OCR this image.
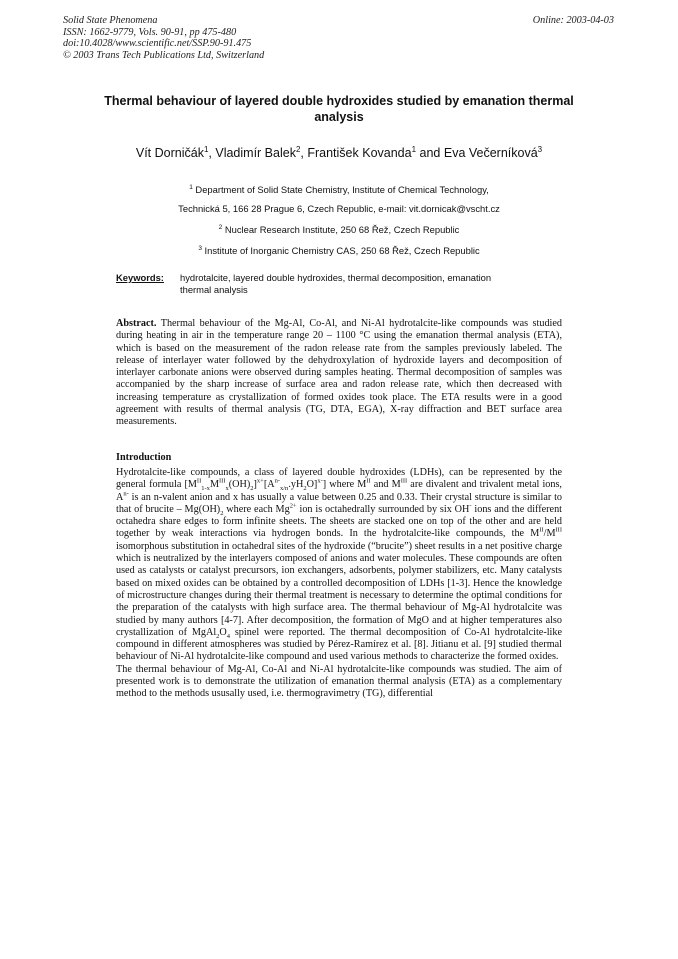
Solid State Phenomena
ISSN: 1662-9779, Vols. 90-91, pp 475-480
doi:10.4028/www.scientific.net/SSP.90-91.475
© 2003 Trans Tech Publications Ltd, Switzerland
Online: 2003-04-03
Thermal behaviour of layered double hydroxides studied by emanation thermal analysis
Vít Dorničák$^1$, Vladimír Balek$^2$, František Kovanda$^1$ and Eva Večerníková$^3$
$^1$ Department of Solid State Chemistry, Institute of Chemical Technology,
Technická 5, 166 28 Prague 6, Czech Republic, e-mail: vit.dornicak@vscht.cz
$^2$ Nuclear Research Institute, 250 68 Řež, Czech Republic
$^3$ Institute of Inorganic Chemistry CAS, 250 68 Řež, Czech Republic
Keywords: hydrotalcite, layered double hydroxides, thermal decomposition, emanation thermal analysis

Abstract. Thermal behaviour of the Mg-Al, Co-Al, and Ni-Al hydrotalcite-like compounds was studied during heating in air in the temperature range 20 – 1100 °C using the emanation thermal analysis (ETA), which is based on the measurement of the radon release rate from the samples previously labeled. The release of interlayer water followed by the dehydroxylation of hydroxide layers and decomposition of interlayer carbonate anions were observed during samples heating. Thermal decomposition of samples was accompanied by the sharp increase of surface area and radon release rate, which then decreased with increasing temperature as crystallization of formed oxides took place. The ETA results were in a good agreement with results of thermal analysis (TG, DTA, EGA), X-ray diffraction and BET surface area measurements.

Introduction

Hydrotalcite-like compounds, a class of layered double hydroxides (LDHs), can be represented by the general formula $[M^{II}_{1-x}M^{III}_x(OH)_2]^{x+}[A^{n-}_{x/n}.yH_2O]^{x-}$] where $M^{II}$ and $M^{III}$ are divalent and trivalent metal ions, $A^{n-}$ is an n-valent anion and x has usually a value between 0.25 and 0.33. Their crystal structure is similar to that of brucite – $Mg(OH)_2$ where each $Mg^{2+}$ ion is octahedrally surrounded by six OH- ions and the different octahedra share edges to form infinite sheets. The sheets are stacked one on top of the other and are held together by weak interactions via hydrogen bonds. In the hydrotalcite-like compounds, the $M^{II}/M^{III}$ isomorphous substitution in octahedral sites of the hydroxide (“brucite”) sheet results in a net positive charge which is neutralized by the interlayers composed of anions and water molecules. These compounds are often used as catalysts or catalyst precursors, ion exchangers, adsorbents, polymer stabilizers, etc. Many catalysts based on mixed oxides can be obtained by a controlled decomposition of LDHs [1-3]. Hence the knowledge of microstructure changes during their thermal treatment is necessary to determine the optimal conditions for the preparation of the catalysts with high surface area. The thermal behaviour of Mg-Al hydrotalcite was studied by many authors [4-7]. After decomposition, the formation of MgO and at higher temperatures also crystallization of $MgAl_2O_4$ spinel were reported. The thermal decomposition of Co-Al hydrotalcite-like compound in different atmospheres was studied by Pérez-Ramírez et al. [8]. Jitianu et al. [9] studied thermal behaviour of Ni-Al hydrotalcite-like compound and used various methods to characterize the formed oxides.

The thermal behaviour of Mg-Al, Co-Al and Ni-Al hydrotalcite-like compounds was studied. The aim of presented work is to demonstrate the utilization of emanation thermal analysis (ETA) as a complementary method to the methods ususally used, i.e. thermogravimetry (TG), differential
